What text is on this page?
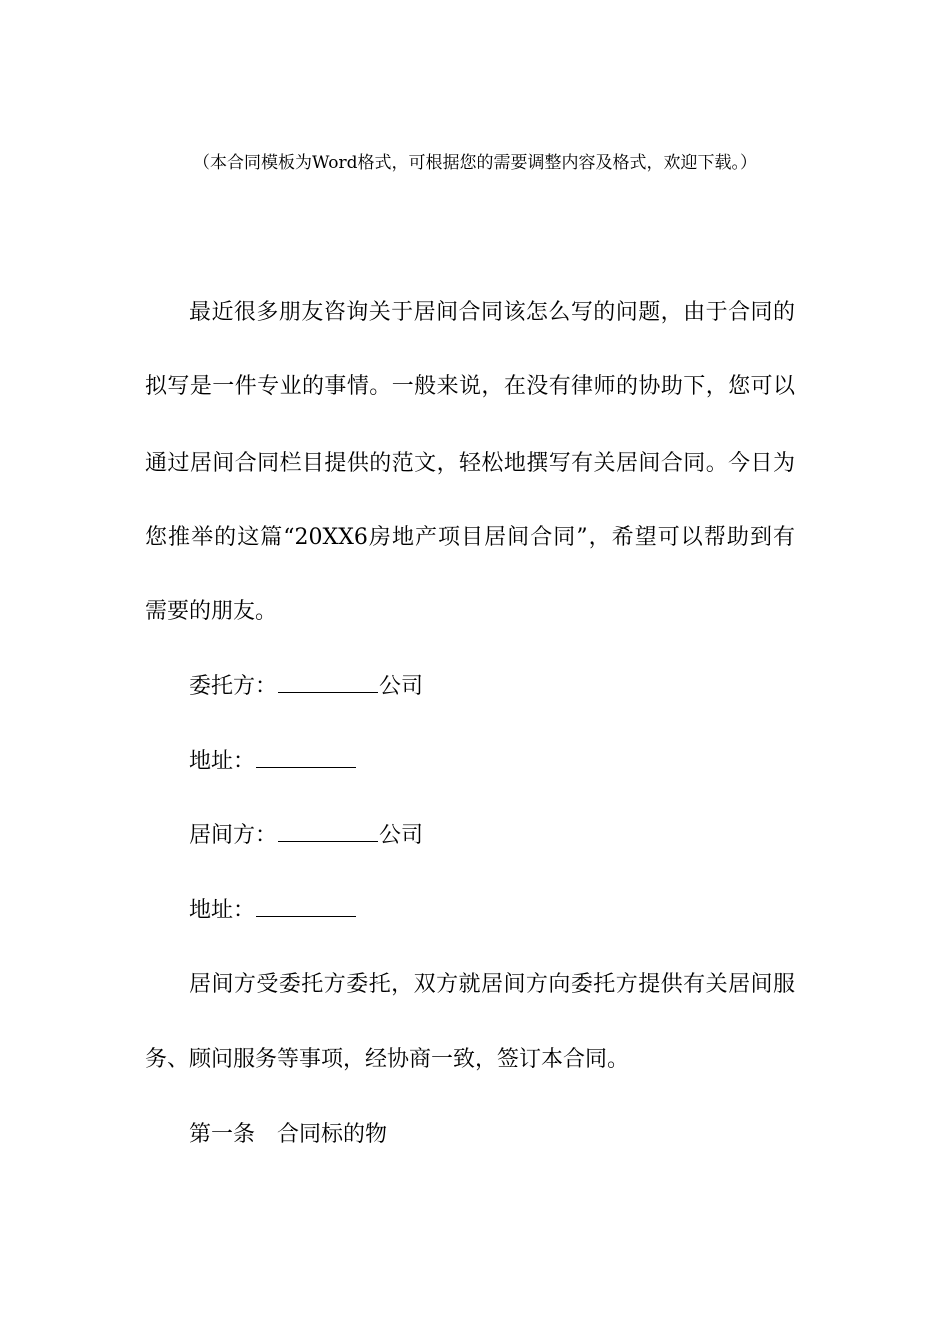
（本合同模板为Word格式，可根据您的需要调整内容及格式，欢迎下载。）
最近很多朋友咨询关于居间合同该怎么写的问题，由于合同的
拟写是一件专业的事情。一般来说，在没有律师的协助下，您可以
通过居间合同栏目提供的范文，轻松地撰写有关居间合同。今日为
您推举的这篇“20XX6房地产项目居间合同”，希望可以帮助到有
需要的朋友。
委托方：	公司
地址：
居间方：	公司
地址：
居间方受委托方委托，双方就居间方向委托方提供有关居间服
务、顾问服务等事项，经协商一致，签订本合同。
第一条　合同标的物
